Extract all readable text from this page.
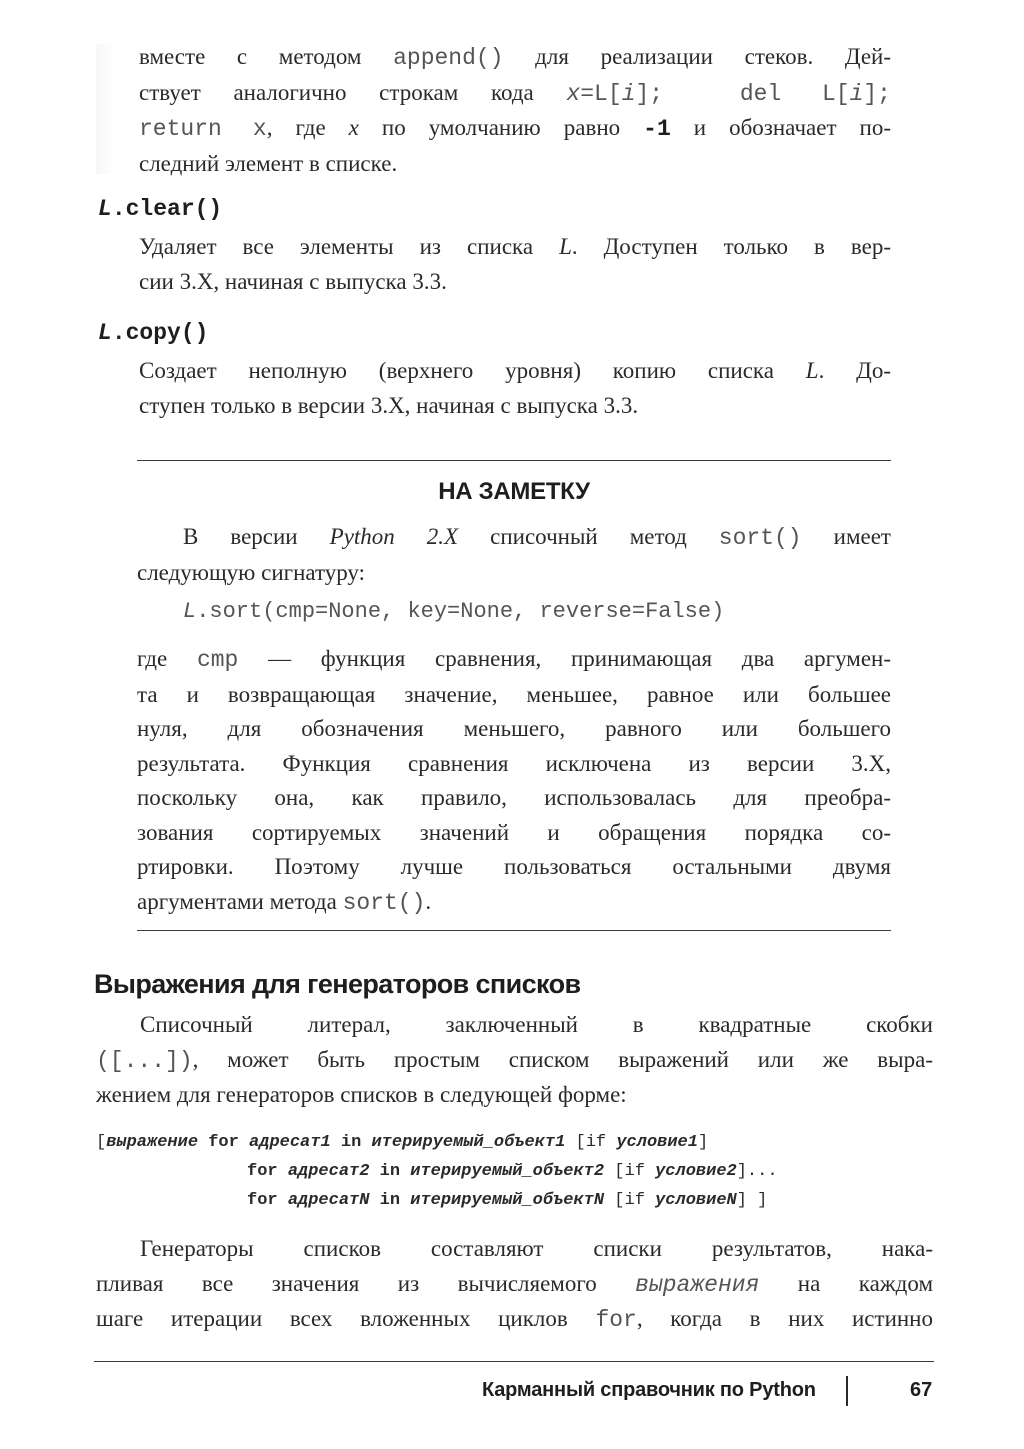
вместе с методом append() для реализации стеков. Дей-
ствует аналогично строкам кода x=L[i]; del L[i];
return x, где x по умолчанию равно -1 и обозначает по-
следний элемент в списке.
L.clear()
Удаляет все элементы из списка L. Доступен только в вер-
сии 3.X, начиная с выпуска 3.3.
L.copy()
Создает неполную (верхнего уровня) копию списка L. До-
ступен только в версии 3.X, начиная с выпуска 3.3.
НА ЗАМЕТКУ
В версии Python 2.X списочный метод sort() имеет
следующую сигнатуру:
L.sort(cmp=None, key=None, reverse=False)
где cmp — функция сравнения, принимающая два аргумен-
та и возвращающая значение, меньшее, равное или большее
нуля, для обозначения меньшего, равного или большего
результата. Функция сравнения исключена из версии 3.X,
поскольку она, как правило, использовалась для преобра-
зования сортируемых значений и обращения порядка со-
ртировки. Поэтому лучше пользоваться остальными двумя
аргументами метода sort().
Выражения для генераторов списков
Списочный литерал, заключенный в квадратные скобки
([...]), может быть простым списком выражений или же выра-
жением для генераторов списков в следующей форме:
[выражение for адресат1 in итерируемый_объект1 [if условие1]
for адресат2 in итерируемый_объект2 [if условие2]...
for адресатN in итерируемый_объектN [if условиеN] ]
Генераторы списков составляют списки результатов, нака-
пливая все значения из вычисляемого выражения на каждом
шаге итерации всех вложенных циклов for, когда в них истинно
Карманный справочник по Python	67
